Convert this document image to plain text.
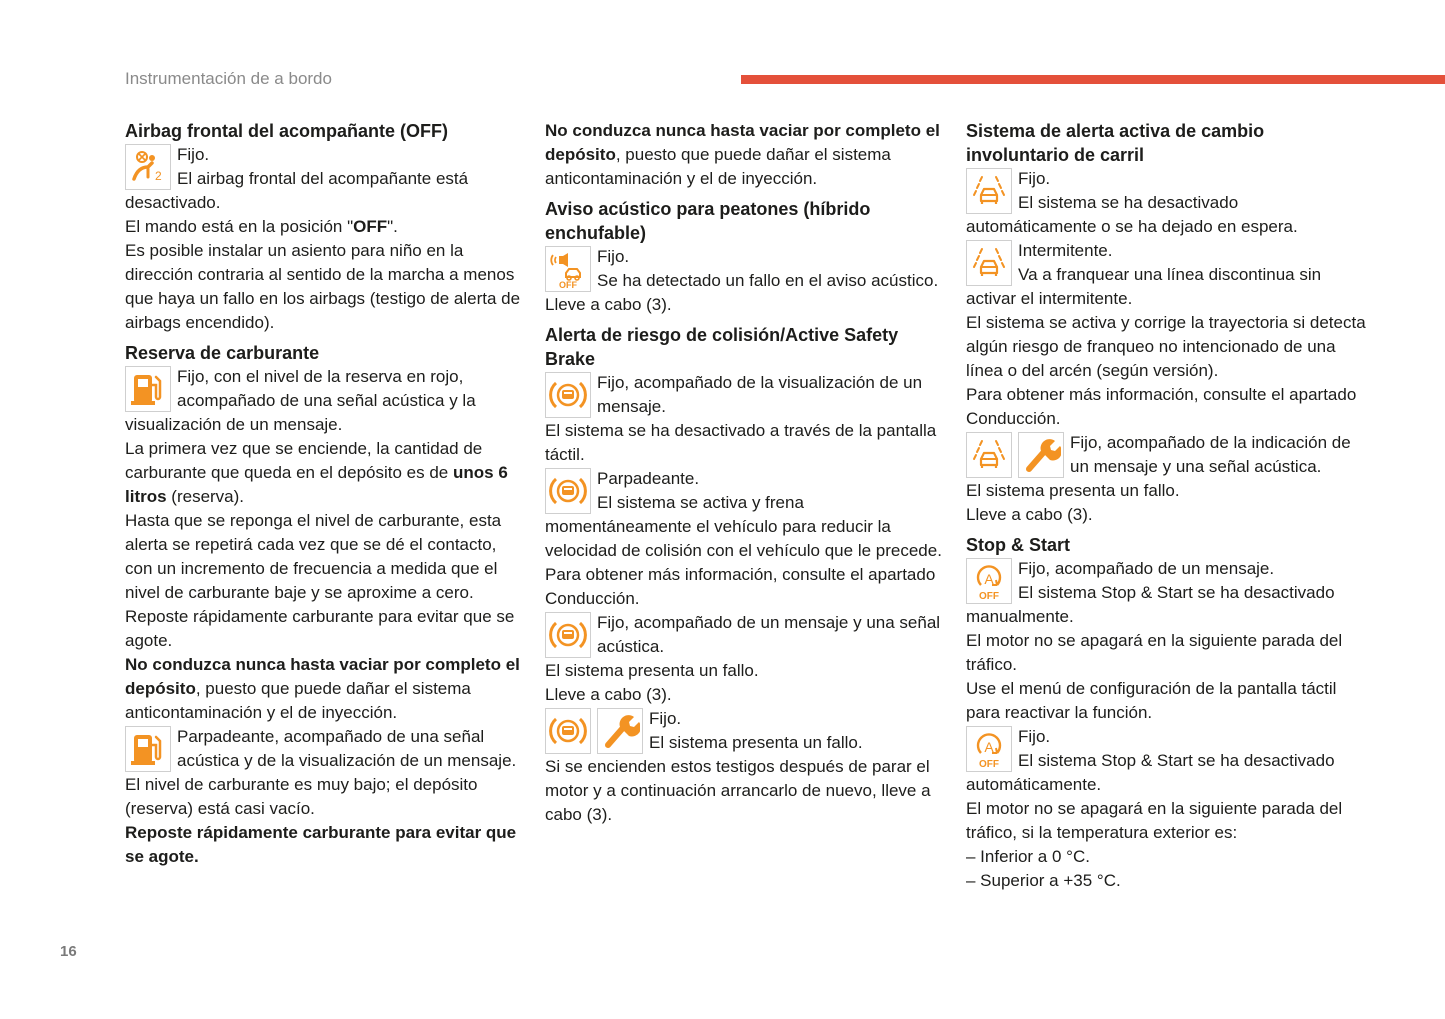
Instrumentación de a bordo
Airbag frontal del acompañante (OFF)

Fijo.

El airbag frontal del acompañante está desactivado.

El mando está en la posición "OFF".

Es posible instalar un asiento para niño en la dirección contraria al sentido de la marcha a menos que haya un fallo en los airbags (testigo de alerta de airbags encendido).

Reserva de carburante

Fijo, con el nivel de la reserva en rojo, acompañado de una señal acústica y la visualización de un mensaje.

La primera vez que se enciende, la cantidad de carburante que queda en el depósito es de unos 6 litros (reserva).

Hasta que se reponga el nivel de carburante, esta alerta se repetirá cada vez que se dé el contacto, con un incremento de frecuencia a medida que el nivel de carburante baje y se aproxime a cero.

Reposte rápidamente carburante para evitar que se agote.

No conduzca nunca hasta vaciar por completo el depósito, puesto que puede dañar el sistema anticontaminación y el de inyección.

Parpadeante, acompañado de una señal acústica y de la visualización de un mensaje.

El nivel de carburante es muy bajo; el depósito (reserva) está casi vacío.

Reposte rápidamente carburante para evitar que se agote.

No conduzca nunca hasta vaciar por completo el depósito, puesto que puede dañar el sistema anticontaminación y el de inyección.

Aviso acústico para peatones (híbrido enchufable)
OFF

Fijo.

Se ha detectado un fallo en el aviso acústico.

Lleve a cabo (3).

Alerta de riesgo de colisión/Active Safety Brake

Fijo, acompañado de la visualización de un mensaje.

El sistema se ha desactivado a través de la pantalla táctil.

Parpadeante.

El sistema se activa y frena momentáneamente el vehículo para reducir la velocidad de colisión con el vehículo que le precede.

Para obtener más información, consulte el apartado Conducción.

Fijo, acompañado de un mensaje y una señal acústica.

El sistema presenta un fallo.

Lleve a cabo (3).

Fijo.

El sistema presenta un fallo.

Si se encienden estos testigos después de parar el motor y a continuación arrancarlo de nuevo, lleve a cabo (3).

Sistema de alerta activa de cambio involuntario de carril

Fijo.

El sistema se ha desactivado automáticamente o se ha dejado en espera.

Intermitente.

Va a franquear una línea discontinua sin activar el intermitente.

El sistema se activa y corrige la trayectoria si detecta algún riesgo de franqueo no intencionado de una línea o del arcén (según versión).

Para obtener más información, consulte el apartado Conducción.

Fijo, acompañado de la indicación de un mensaje y una señal acústica.

El sistema presenta un fallo.

Lleve a cabo (3).

Stop & Start
A
OFF

Fijo, acompañado de un mensaje.

El sistema Stop & Start se ha desactivado manualmente.

El motor no se apagará en la siguiente parada del tráfico.

Use el menú de configuración de la pantalla táctil para reactivar la función.

A
OFF

Fijo.

El sistema Stop & Start se ha desactivado automáticamente.

El motor no se apagará en la siguiente parada del tráfico, si la temperatura exterior es:

– Inferior a 0 °C.

– Superior a +35 °C.

16
